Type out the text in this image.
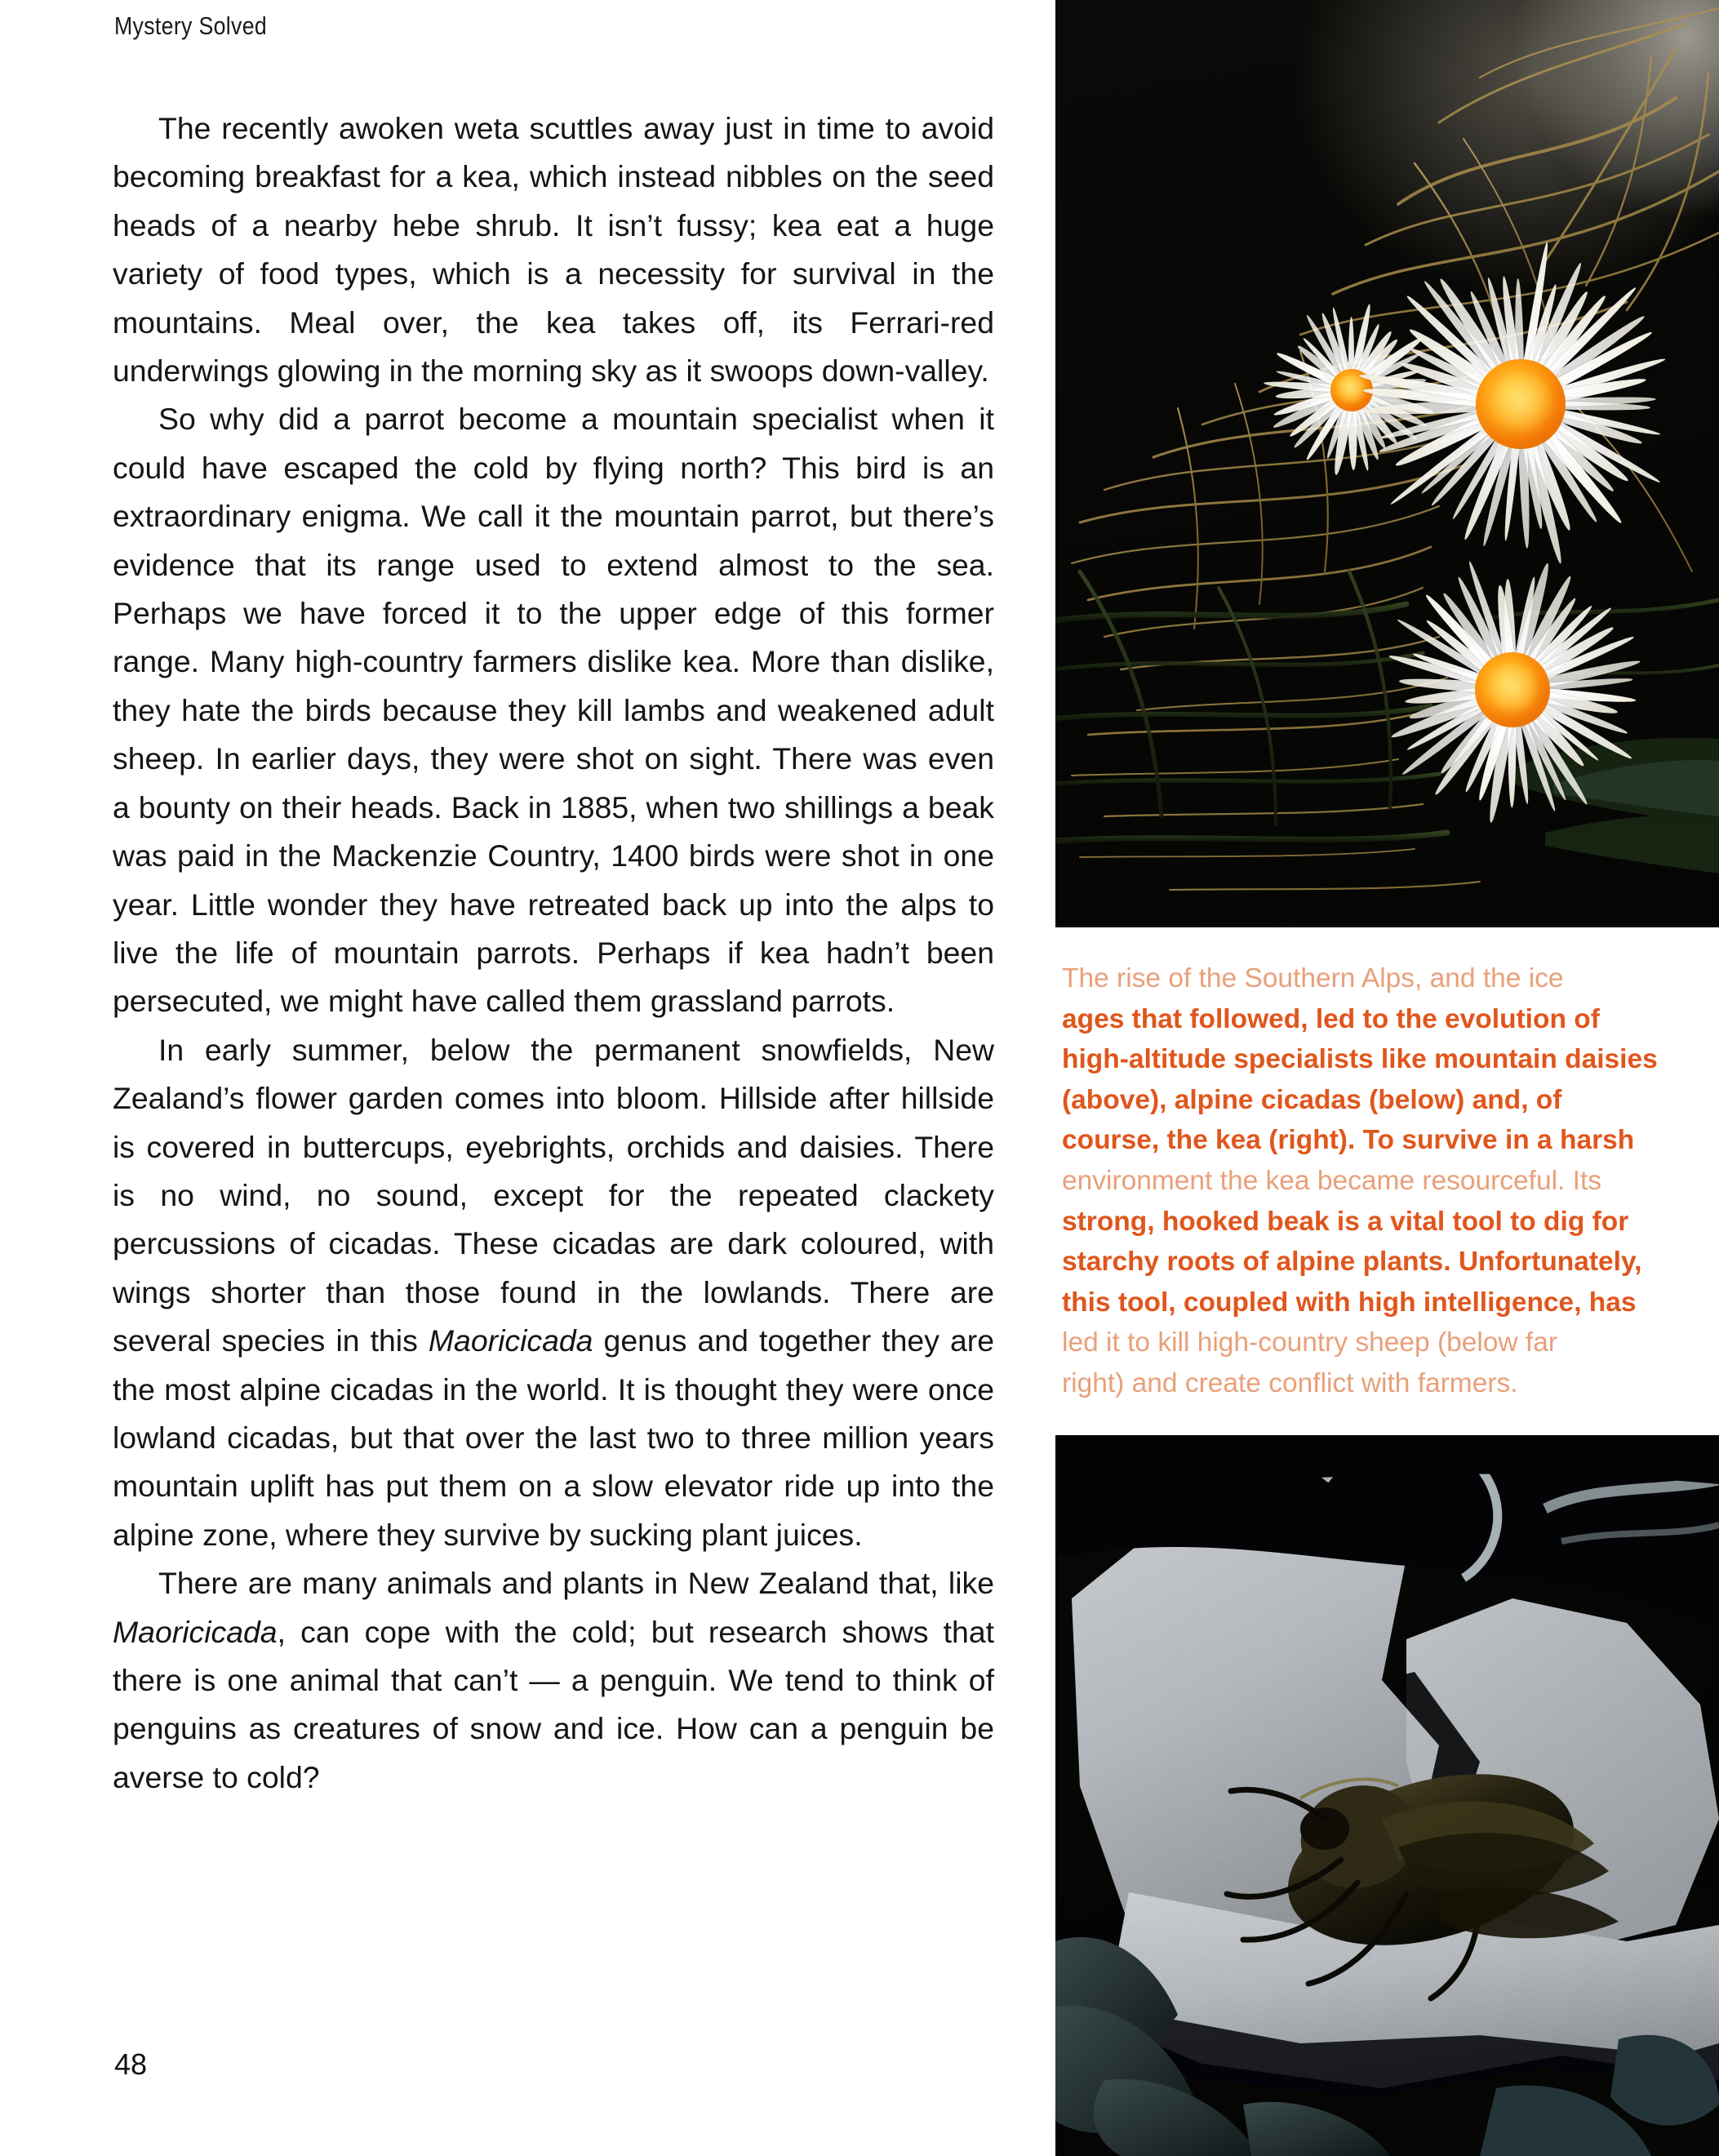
Mystery Solved

The recently awoken weta scuttles away just in time to avoid becoming breakfast for a kea, which instead nibbles on the seed heads of a nearby hebe shrub. It isn’t fussy; kea eat a huge variety of food types, which is a necessity for survival in the mountains. Meal over, the kea takes off, its Ferrari-red underwings glowing in the morning sky as it swoops down-valley.

So why did a parrot become a mountain specialist when it could have escaped the cold by flying north? This bird is an extraordinary enigma. We call it the mountain parrot, but there’s evidence that its range used to extend almost to the sea. Perhaps we have forced it to the upper edge of this former range. Many high-country farmers dislike kea. More than dislike, they hate the birds because they kill lambs and weakened adult sheep. In earlier days, they were shot on sight. There was even a bounty on their heads. Back in 1885, when two shillings a beak was paid in the Mackenzie Country, 1400 birds were shot in one year. Little wonder they have retreated back up into the alps to live the life of mountain parrots. Perhaps if kea hadn’t been persecuted, we might have called them grassland parrots.

In early summer, below the permanent snowfields, New Zealand’s flower garden comes into bloom. Hillside after hillside is covered in buttercups, eyebrights, orchids and daisies. There is no wind, no sound, except for the repeated clackety percussions of cicadas. These cicadas are dark coloured, with wings shorter than those found in the lowlands. There are several species in this Maoricicada genus and together they are the most alpine cicadas in the world. It is thought they were once lowland cicadas, but that over the last two to three million years mountain uplift has put them on a slow elevator ride up into the alpine zone, where they survive by sucking plant juices.

There are many animals and plants in New Zealand that, like Maoricicada, can cope with the cold; but research shows that there is one animal that can’t — a penguin. We tend to think of penguins as creatures of snow and ice. How can a penguin be averse to cold?

48
The rise of the Southern Alps, and the ice
ages that followed, led to the evolution of
high-altitude specialists like mountain daisies
(above), alpine cicadas (below) and, of
course, the kea (right). To survive in a harsh
environment the kea became resourceful. Its
strong, hooked beak is a vital tool to dig for
starchy roots of alpine plants. Unfortunately,
this tool, coupled with high intelligence, has
led it to kill high-country sheep (below far
right) and create conflict with farmers.
